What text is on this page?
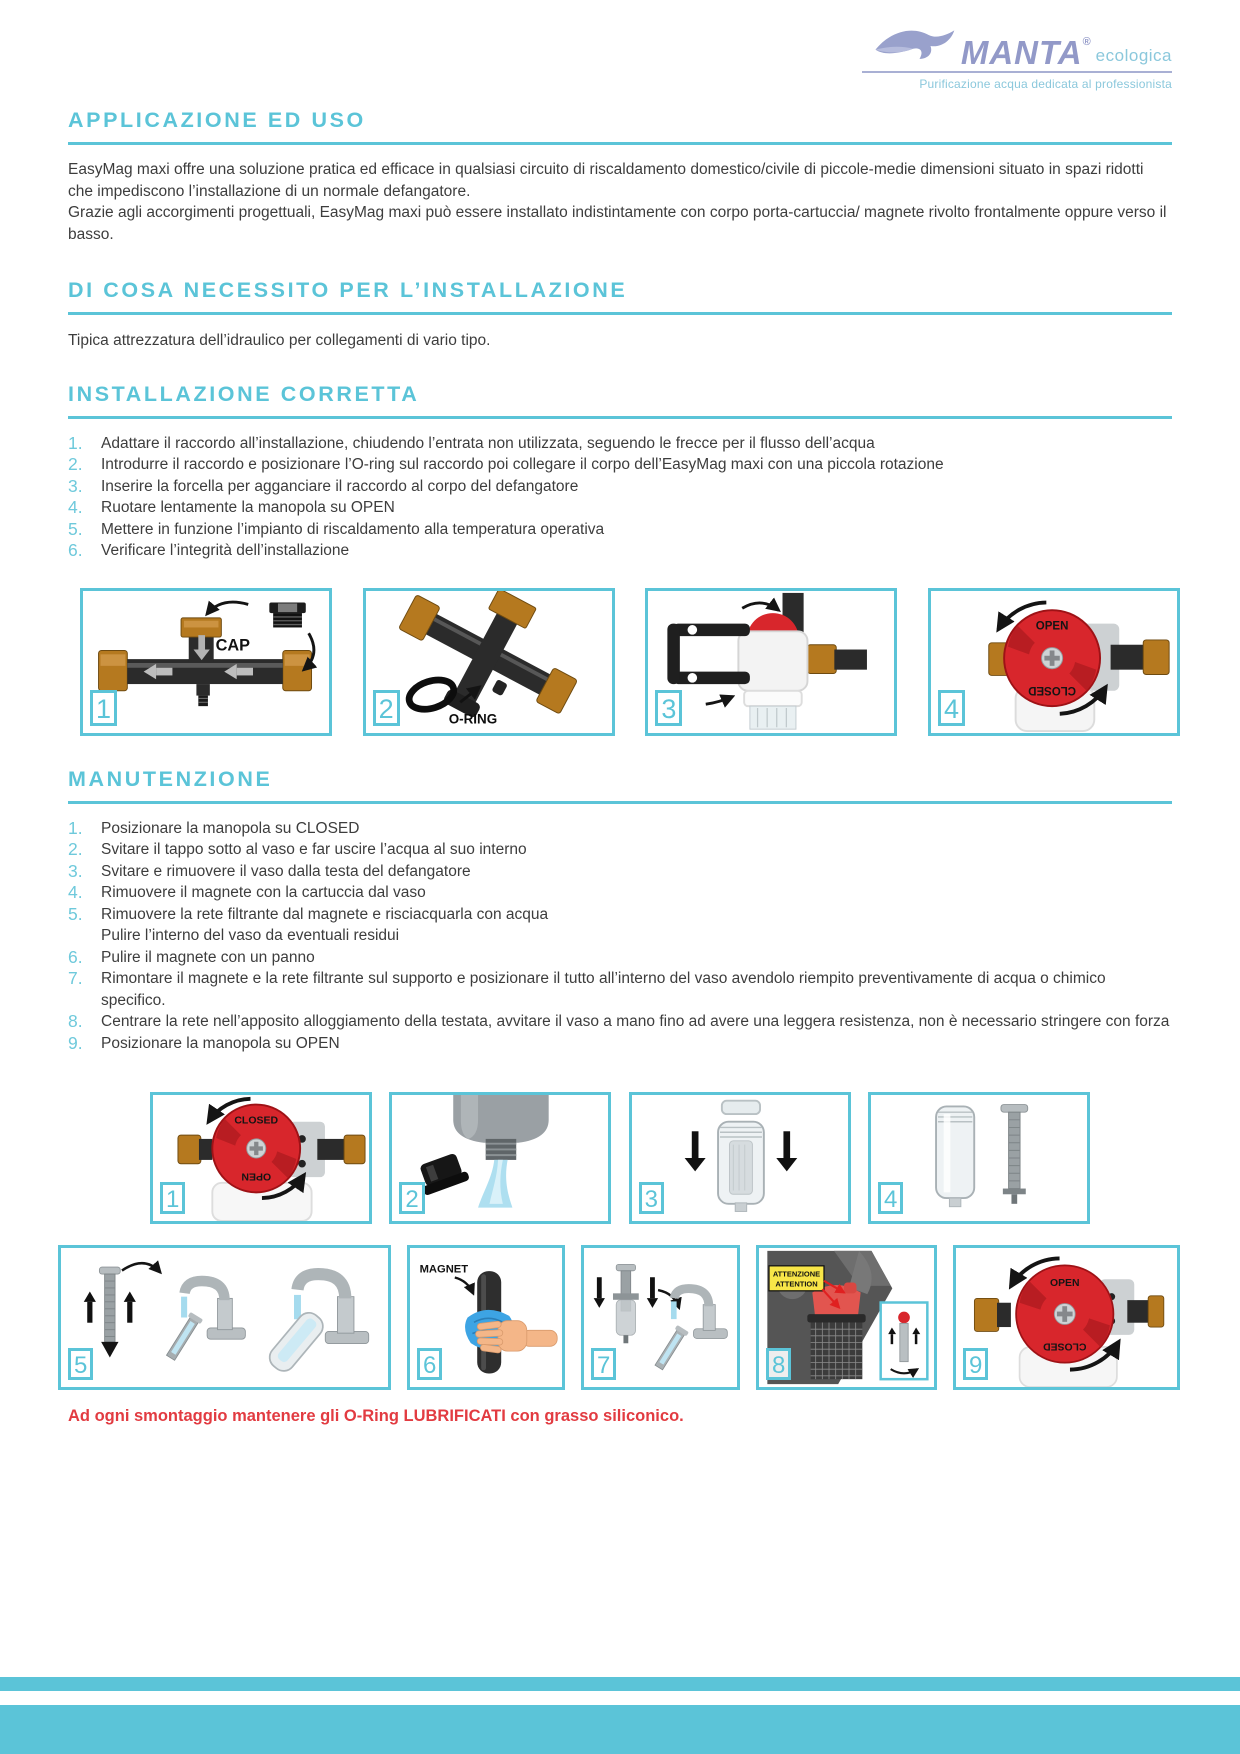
MANTA®
ecologica
Purificazione acqua dedicata al professionista
APPLICAZIONE ED USO

EasyMag maxi offre una soluzione pratica ed efficace in qualsiasi circuito di riscaldamento domestico/civile di piccole-medie dimensioni situato in spazi ridotti che impediscono l’installazione di un normale defangatore.

Grazie agli accorgimenti progettuali, EasyMag maxi può essere installato indistintamente con corpo porta-cartuccia/ magnete rivolto frontalmente oppure verso il basso.

DI COSA NECESSITO PER L’INSTALLAZIONE

Tipica attrezzatura dell’idraulico per collegamenti di vario tipo.

INSTALLAZIONE CORRETTA
1.	Adattare il raccordo all’installazione, chiudendo l’entrata non utilizzata, seguendo le frecce per il flusso dell’acqua
2.	Introdurre il raccordo e posizionare l’O-ring sul raccordo poi collegare il corpo dell’EasyMag maxi con una piccola rotazione
3.	Inserire la forcella per agganciare il raccordo al corpo del defangatore
4.	Ruotare lentamente la manopola su OPEN
5.	Mettere in funzione l’impianto di riscaldamento alla temperatura operativa
6.	Verificare l’integrità dell’installazione
CAP
1	O-RING
2	3
OPEN
CLOSED
4
MANUTENZIONE
1.	Posizionare la manopola su CLOSED
2.	Svitare il tappo sotto al vaso e far uscire l’acqua al suo interno
3.	Svitare e rimuovere il vaso dalla testa del defangatore
4.	Rimuovere il magnete con la cartuccia dal vaso
5.	Rimuovere la rete filtrante dal magnete e risciacquarla con acqua
Pulire l’interno del vaso da eventuali residui
6.	Pulire il magnete con un panno
7.	Rimontare il magnete e la rete filtrante sul supporto e posizionare il tutto all’interno del vaso avendolo riempito preventivamente di acqua o chimico specifico.
8.	Centrare la rete nell’apposito alloggiamento della testata, avvitare il vaso a mano fino ad avere una leggera resistenza, non è necessario stringere con forza
9.	Posizionare la manopola su OPEN
CLOSED
OPEN
1	2	3	4
5
MAGNET
6	7
ATTENZIONE
ATTENTION
8
OPEN
CLOSED
9

Ad ogni smontaggio mantenere gli O-Ring LUBRIFICATI con grasso siliconico.
